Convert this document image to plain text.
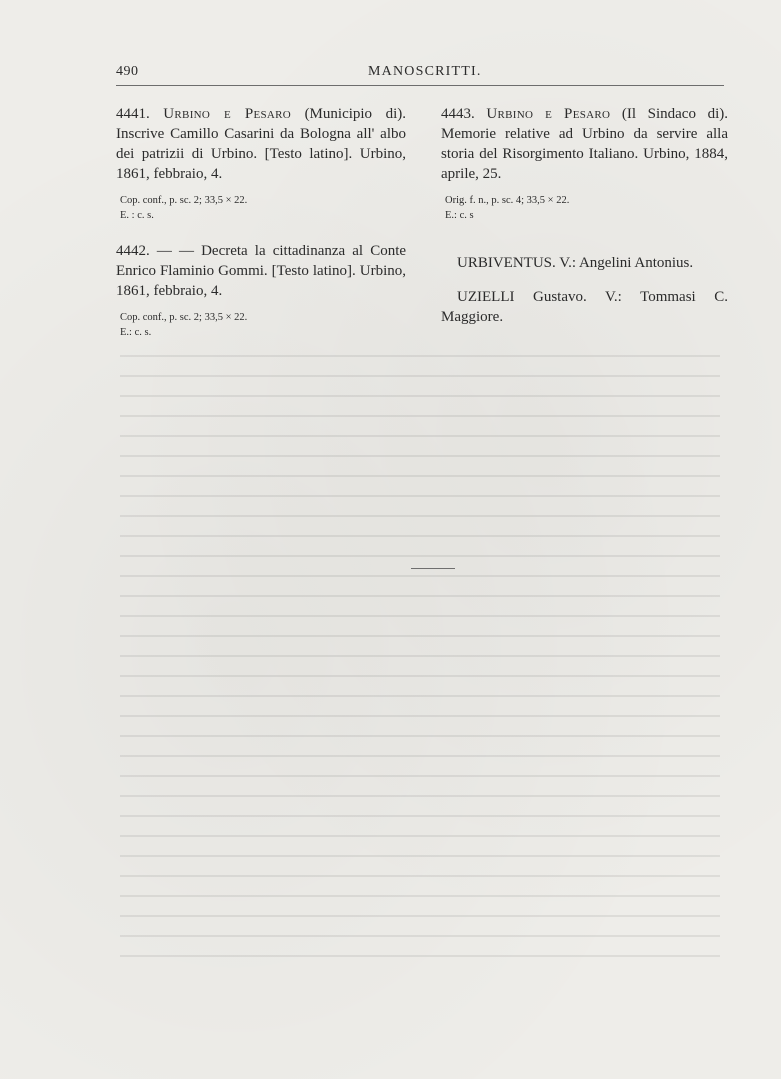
490	MANOSCRITTI.

4441. Urbino e Pesaro (Municipio di). Inscrive Camillo Casarini da Bologna all' albo dei patrizii di Urbino. [Testo latino]. Urbino, 1861, febbraio, 4.

Cop. conf., p. sc. 2; 33,5 × 22.
E. : c. s.

4442. — — Decreta la cittadinanza al Conte Enrico Flaminio Gommi. [Testo latino]. Urbino, 1861, febbraio, 4.

Cop. conf., p. sc. 2; 33,5 × 22.
E.: c. s.

4443. Urbino e Pesaro (Il Sindaco di). Memorie relative ad Urbino da servire alla storia del Risorgimento Italiano. Urbino, 1884, aprile, 25.

Orig. f. n., p. sc. 4; 33,5 × 22.
E.: c. s

URBIVENTUS. V.: Angelini Antonius.

UZIELLI Gustavo. V.: Tommasi C. Maggiore.
